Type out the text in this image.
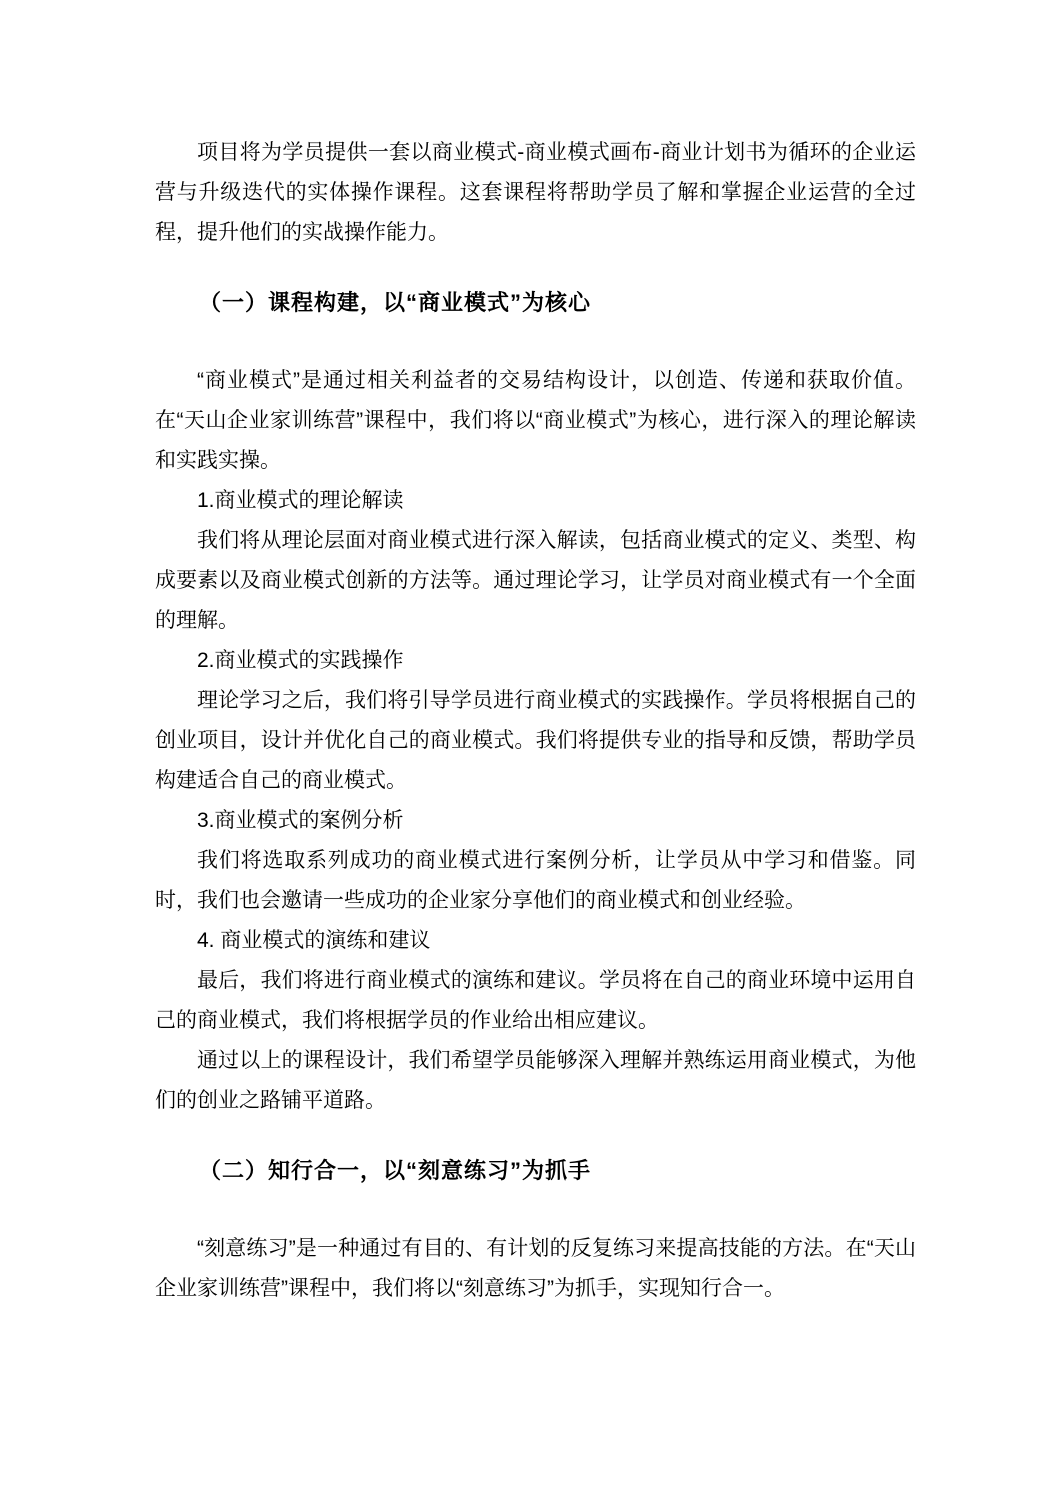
项目将为学员提供一套以商业模式-商业模式画布-商业计划书为循环的企业运营与升级迭代的实体操作课程。这套课程将帮助学员了解和掌握企业运营的全过程，提升他们的实战操作能力。

（一）课程构建，以“商业模式”为核心

“商业模式”是通过相关利益者的交易结构设计，以创造、传递和获取价值。在“天山企业家训练营”课程中，我们将以“商业模式”为核心，进行深入的理论解读和实践实操。

1.商业模式的理论解读

我们将从理论层面对商业模式进行深入解读，包括商业模式的定义、类型、构成要素以及商业模式创新的方法等。通过理论学习，让学员对商业模式有一个全面的理解。

2.商业模式的实践操作

理论学习之后，我们将引导学员进行商业模式的实践操作。学员将根据自己的创业项目，设计并优化自己的商业模式。我们将提供专业的指导和反馈，帮助学员构建适合自己的商业模式。

3.商业模式的案例分析

我们将选取系列成功的商业模式进行案例分析，让学员从中学习和借鉴。同时，我们也会邀请一些成功的企业家分享他们的商业模式和创业经验。

4. 商业模式的演练和建议

最后，我们将进行商业模式的演练和建议。学员将在自己的商业环境中运用自己的商业模式，我们将根据学员的作业给出相应建议。

通过以上的课程设计，我们希望学员能够深入理解并熟练运用商业模式，为他们的创业之路铺平道路。

（二）知行合一，以“刻意练习”为抓手

“刻意练习”是一种通过有目的、有计划的反复练习来提高技能的方法。在“天山企业家训练营”课程中，我们将以“刻意练习”为抓手，实现知行合一。
